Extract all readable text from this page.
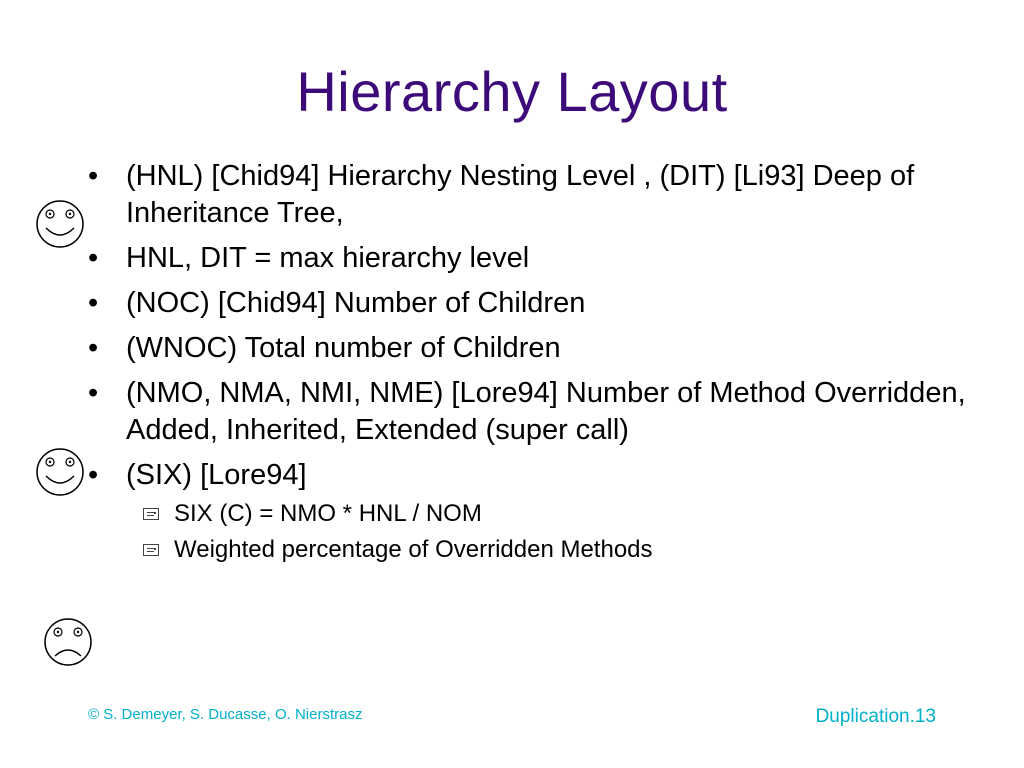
Hierarchy Layout
• (HNL) [Chid94] Hierarchy Nesting Level , (DIT) [Li93] Deep of Inheritance Tree,
• HNL, DIT = max hierarchy level
• (NOC) [Chid94] Number of Children
• (WNOC) Total number of Children
• (NMO, NMA, NMI, NME) [Lore94] Number of Method Overridden, Added, Inherited, Extended (super call)
• (SIX) [Lore94]
SIX (C) = NMO * HNL / NOM
Weighted percentage of Overridden Methods
© S. Demeyer, S. Ducasse, O. Nierstrasz	Duplication.13
